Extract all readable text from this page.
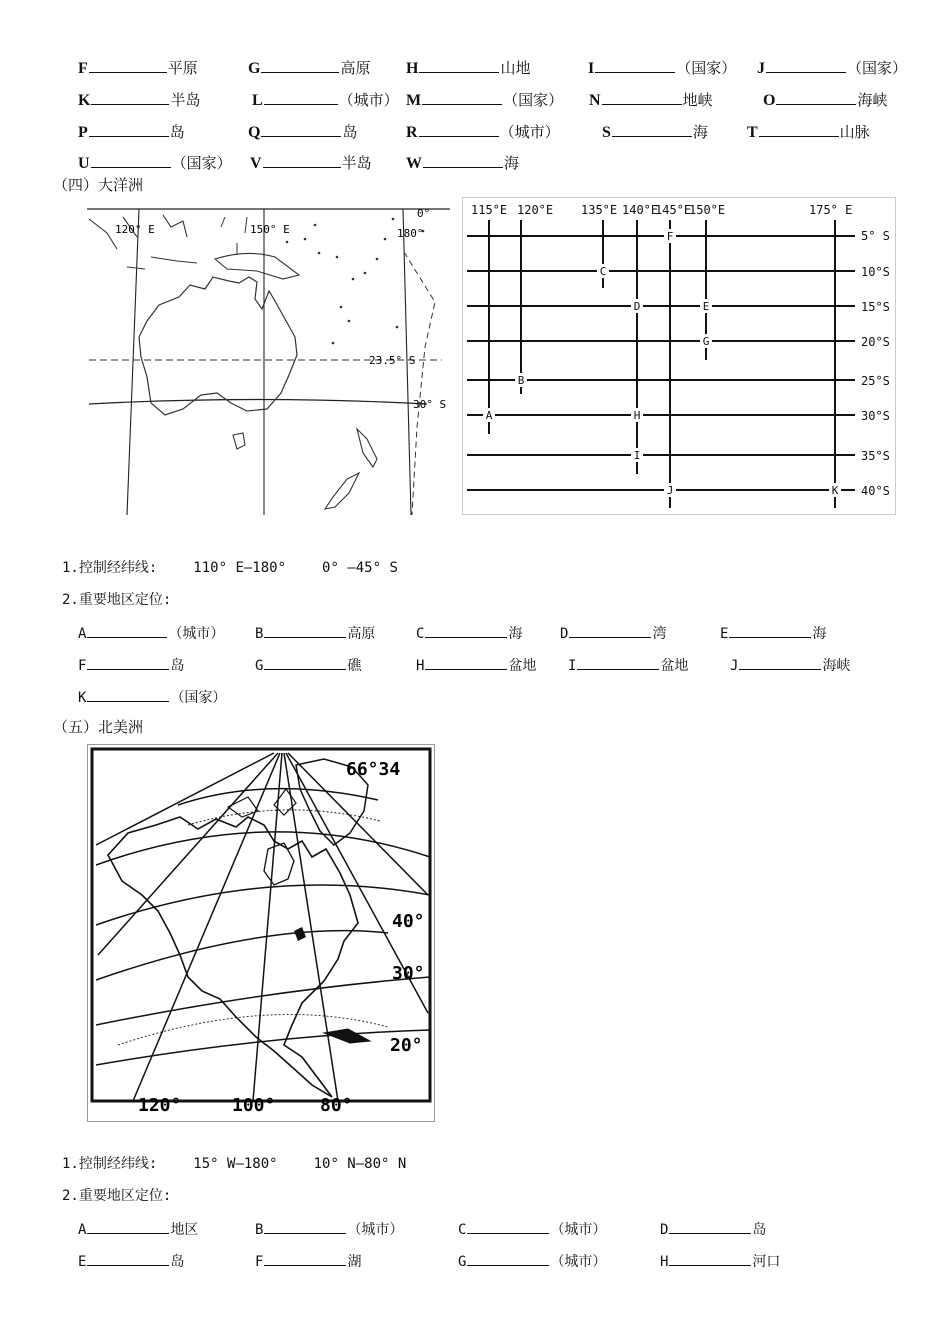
F	平原	G	高原 H	山地	I	（国家） J	（国家）
K	半岛	L	（城市） M	（国家） N	地峡	O	海峡
P	岛	Q	岛	R	（城市）	S	海 T	山脉
U	（国家） V	半岛 W	海
（四）大洋洲
120° E	150° E
0°
180°
23.5° S
30° S
115°E 120°E 135°E 140°E
145°E
150°E	175° E
5° S
10°S
15°S
20°S
25°S
30°S
35°S
40°S
A
B
C
D	E
F
G
H
I
J	K
1.控制经纬线:	110° E—180°	0° —45° S
2.重要地区定位:
A	（城市） B	高原	C	海	D	湾	E	海
F	岛	G	礁	H	盆地 I	盆地	J	海峡
K	（国家）
（五）北美洲
66°34
40°
30°
20°
120°	100° 80°
1.控制经纬线:	15° W—180°	10° N—80° N
2.重要地区定位:
A	地区	B	（城市）	C	（城市）	D	岛
E	岛	F	湖	G	（城市）	H	河口
